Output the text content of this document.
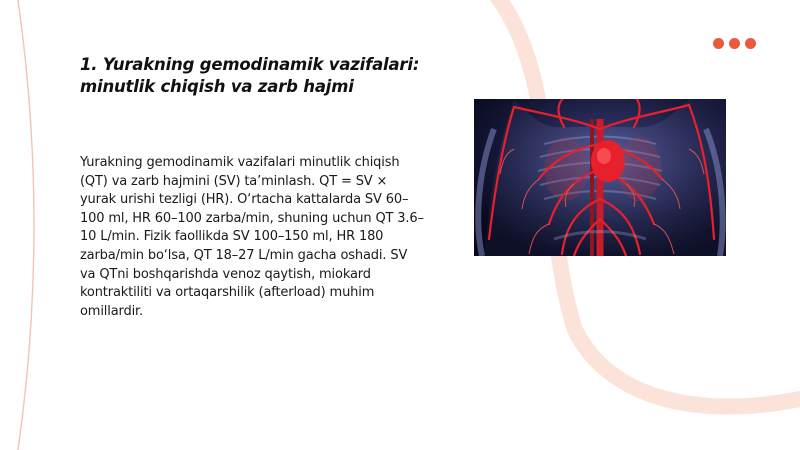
1. Yurakning gemodinamik vazifalari:
minutlik chiqish va zarb hajmi

Yurakning gemodinamik vazifalari minutlik chiqish (QT) va zarb hajmini (SV) ta’minlash. QT = SV × yurak urishi tezligi (HR). O‘rtacha kattalarda SV 60–100 ml, HR 60–100 zarba/min, shuning uchun QT 3.6–10 L/min. Fizik faollikda SV 100–150 ml, HR 180 zarba/min bo‘lsa, QT 18–27 L/min gacha oshadi. SV va QTni boshqarishda venoz qaytish, miokard kontraktiliti va ortaqarshilik (afterload) muhim omillardir.
